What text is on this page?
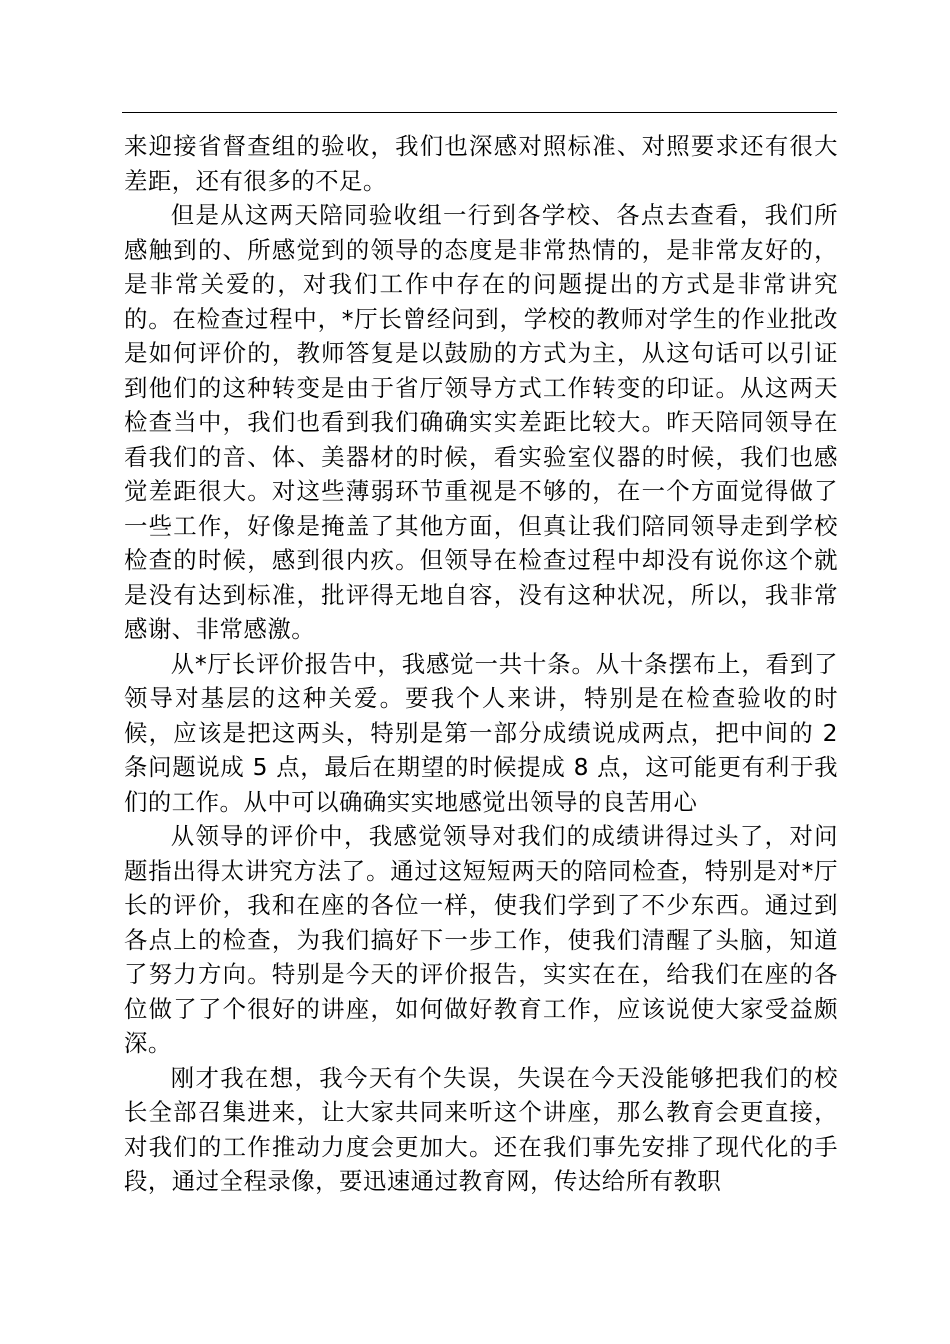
来迎接省督查组的验收，我们也深感对照标准、对照要求还有很大差距，还有很多的不足。

但是从这两天陪同验收组一行到各学校、各点去查看，我们所感触到的、所感觉到的领导的态度是非常热情的，是非常友好的，是非常关爱的，对我们工作中存在的问题提出的方式是非常讲究的。在检查过程中，*厅长曾经问到，学校的教师对学生的作业批改是如何评价的，教师答复是以鼓励的方式为主，从这句话可以引证到他们的这种转变是由于省厅领导方式工作转变的印证。从这两天检查当中，我们也看到我们确确实实差距比较大。昨天陪同领导在看我们的音、体、美器材的时候，看实验室仪器的时候，我们也感觉差距很大。对这些薄弱环节重视是不够的，在一个方面觉得做了一些工作，好像是掩盖了其他方面，但真让我们陪同领导走到学校检查的时候，感到很内疚。但领导在检查过程中却没有说你这个就是没有达到标准，批评得无地自容，没有这种状况，所以，我非常感谢、非常感激。

从*厅长评价报告中，我感觉一共十条。从十条摆布上，看到了领导对基层的这种关爱。要我个人来讲，特别是在检查验收的时候，应该是把这两头，特别是第一部分成绩说成两点，把中间的 2 条问题说成 5 点，最后在期望的时候提成 8 点，这可能更有利于我们的工作。从中可以确确实实地感觉出领导的良苦用心

从领导的评价中，我感觉领导对我们的成绩讲得过头了，对问题指出得太讲究方法了。通过这短短两天的陪同检查，特别是对*厅长的评价，我和在座的各位一样，使我们学到了不少东西。通过到各点上的检查，为我们搞好下一步工作，使我们清醒了头脑，知道了努力方向。特别是今天的评价报告，实实在在，给我们在座的各位做了了个很好的讲座，如何做好教育工作，应该说使大家受益颇深。

刚才我在想，我今天有个失误，失误在今天没能够把我们的校长全部召集进来，让大家共同来听这个讲座，那么教育会更直接，对我们的工作推动力度会更加大。还在我们事先安排了现代化的手段，通过全程录像，要迅速通过教育网，传达给所有教职
